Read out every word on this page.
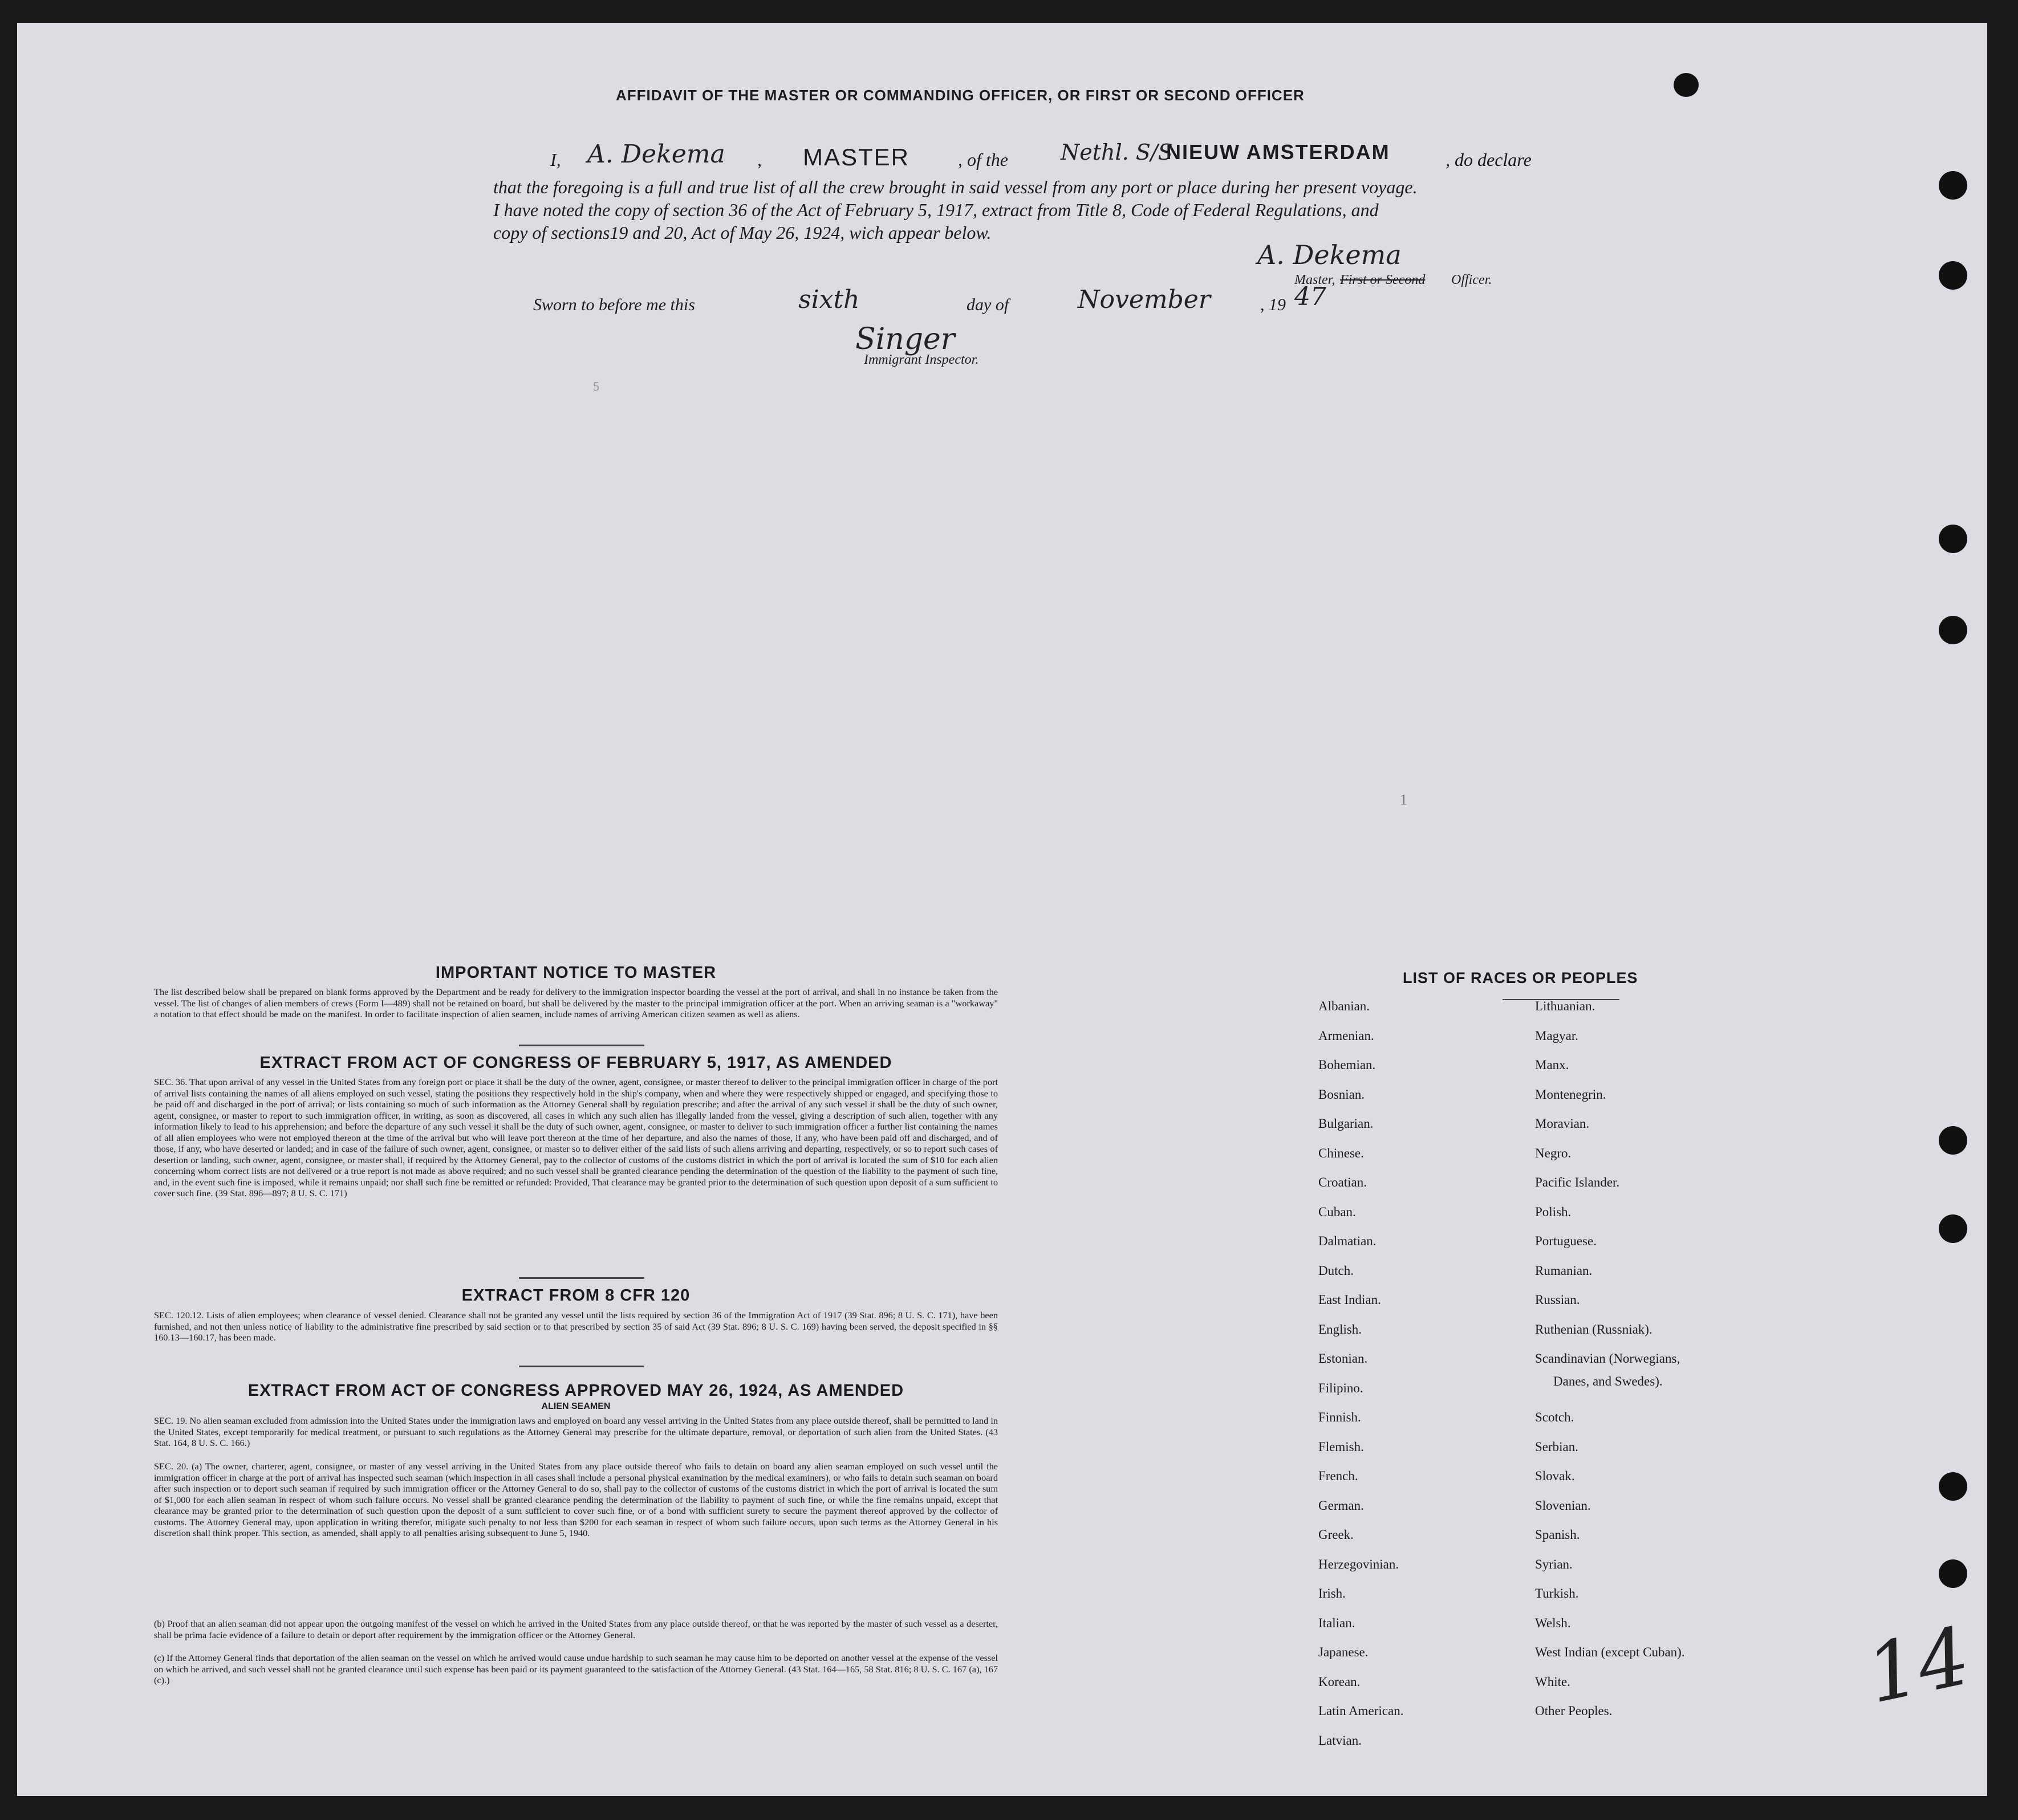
AFFIDAVIT OF THE MASTER OR COMMANDING OFFICER, OR FIRST OR SECOND OFFICER
I, A. Dekema , MASTER	, of the Nethl. S/S
NIEUW AMSTERDAM	, do declare
that the foregoing is a full and true list of all the crew brought in said vessel from any port or place during her present voyage.
I have noted the copy of section 36 of the Act of February 5, 1917, extract from Title 8, Code of Federal Regulations, and
copy of sections19 and 20, Act of May 26, 1924, wich appear below.
A. Dekema
Master, First or Second Officer.
Sworn to before me this	sixth	day of	November	, 19 47
Singer
Immigrant Inspector.
5
1
IMPORTANT NOTICE TO MASTER
The list described below shall be prepared on blank forms approved by the Department and be ready for delivery to the immigration inspector boarding the vessel at the port of arrival, and shall in no instance be taken from the vessel. The list of changes of alien members of crews (Form I—489) shall not be retained on board, but shall be delivered by the master to the principal immigration officer at the port. When an arriving seaman is a "workaway" a notation to that effect should be made on the manifest. In order to facilitate inspection of alien seamen, include names of arriving American citizen seamen as well as aliens.
EXTRACT FROM ACT OF CONGRESS OF FEBRUARY 5, 1917, AS AMENDED
SEC. 36. That upon arrival of any vessel in the United States from any foreign port or place it shall be the duty of the owner, agent, consignee, or master thereof to deliver to the principal immigration officer in charge of the port of arrival lists containing the names of all aliens employed on such vessel, stating the positions they respectively hold in the ship's company, when and where they were respectively shipped or engaged, and specifying those to be paid off and discharged in the port of arrival; or lists containing so much of such information as the Attorney General shall by regulation prescribe; and after the arrival of any such vessel it shall be the duty of such owner, agent, consignee, or master to report to such immigration officer, in writing, as soon as discovered, all cases in which any such alien has illegally landed from the vessel, giving a description of such alien, together with any information likely to lead to his apprehension; and before the departure of any such vessel it shall be the duty of such owner, agent, consignee, or master to deliver to such immigration officer a further list containing the names of all alien employees who were not employed thereon at the time of the arrival but who will leave port thereon at the time of her departure, and also the names of those, if any, who have been paid off and discharged, and of those, if any, who have deserted or landed; and in case of the failure of such owner, agent, consignee, or master so to deliver either of the said lists of such aliens arriving and departing, respectively, or so to report such cases of desertion or landing, such owner, agent, consignee, or master shall, if required by the Attorney General, pay to the collector of customs of the customs district in which the port of arrival is located the sum of $10 for each alien concerning whom correct lists are not delivered or a true report is not made as above required; and no such vessel shall be granted clearance pending the determination of the question of the liability to the payment of such fine, and, in the event such fine is imposed, while it remains unpaid; nor shall such fine be remitted or refunded: Provided, That clearance may be granted prior to the determination of such question upon deposit of a sum sufficient to cover such fine. (39 Stat. 896—897; 8 U. S. C. 171)
EXTRACT FROM 8 CFR 120
SEC. 120.12. Lists of alien employees; when clearance of vessel denied. Clearance shall not be granted any vessel until the lists required by section 36 of the Immigration Act of 1917 (39 Stat. 896; 8 U. S. C. 171), have been furnished, and not then unless notice of liability to the administrative fine prescribed by said section or to that prescribed by section 35 of said Act (39 Stat. 896; 8 U. S. C. 169) having been served, the deposit specified in §§ 160.13—160.17, has been made.
EXTRACT FROM ACT OF CONGRESS APPROVED MAY 26, 1924, AS AMENDED
ALIEN SEAMEN
SEC. 19. No alien seaman excluded from admission into the United States under the immigration laws and employed on board any vessel arriving in the United States from any place outside thereof, shall be permitted to land in the United States, except temporarily for medical treatment, or pursuant to such regulations as the Attorney General may prescribe for the ultimate departure, removal, or deportation of such alien from the United States. (43 Stat. 164, 8 U. S. C. 166.)
SEC. 20. (a) The owner, charterer, agent, consignee, or master of any vessel arriving in the United States from any place outside thereof who fails to detain on board any alien seaman employed on such vessel until the immigration officer in charge at the port of arrival has inspected such seaman (which inspection in all cases shall include a personal physical examination by the medical examiners), or who fails to detain such seaman on board after such inspection or to deport such seaman if required by such immigration officer or the Attorney General to do so, shall pay to the collector of customs of the customs district in which the port of arrival is located the sum of $1,000 for each alien seaman in respect of whom such failure occurs. No vessel shall be granted clearance pending the determination of the liability to payment of such fine, or while the fine remains unpaid, except that clearance may be granted prior to the determination of such question upon the deposit of a sum sufficient to cover such fine, or of a bond with sufficient surety to secure the payment thereof approved by the collector of customs. The Attorney General may, upon application in writing therefor, mitigate such penalty to not less than $200 for each seaman in respect of whom such failure occurs, upon such terms as the Attorney General in his discretion shall think proper. This section, as amended, shall apply to all penalties arising subsequent to June 5, 1940.
(b) Proof that an alien seaman did not appear upon the outgoing manifest of the vessel on which he arrived in the United States from any place outside thereof, or that he was reported by the master of such vessel as a deserter, shall be prima facie evidence of a failure to detain or deport after requirement by the immigration officer or the Attorney General.
(c) If the Attorney General finds that deportation of the alien seaman on the vessel on which he arrived would cause undue hardship to such seaman he may cause him to be deported on another vessel at the expense of the vessel on which he arrived, and such vessel shall not be granted clearance until such expense has been paid or its payment guaranteed to the satisfaction of the Attorney General. (43 Stat. 164—165, 58 Stat. 816; 8 U. S. C. 167 (a), 167 (c).)
LIST OF RACES OR PEOPLES
14
Albanian.
Armenian.
Bohemian.
Bosnian.
Bulgarian.
Chinese.
Croatian.
Cuban.
Dalmatian.
Dutch.
East Indian.
English.
Estonian.
Filipino.
Finnish.
Flemish.
French.
German.
Greek.
Herzegovinian.
Irish.
Italian.
Japanese.
Korean.
Latin American.
Latvian.
Lithuanian.
Magyar.
Manx.
Montenegrin.
Moravian.
Negro.
Pacific Islander.
Polish.
Portuguese.
Rumanian.
Russian.
Ruthenian (Russniak).
Scandinavian (Norwegians,
Danes, and Swedes).
Scotch.
Serbian.
Slovak.
Slovenian.
Spanish.
Syrian.
Turkish.
Welsh.
West Indian (except Cuban).
White.
Other Peoples.
